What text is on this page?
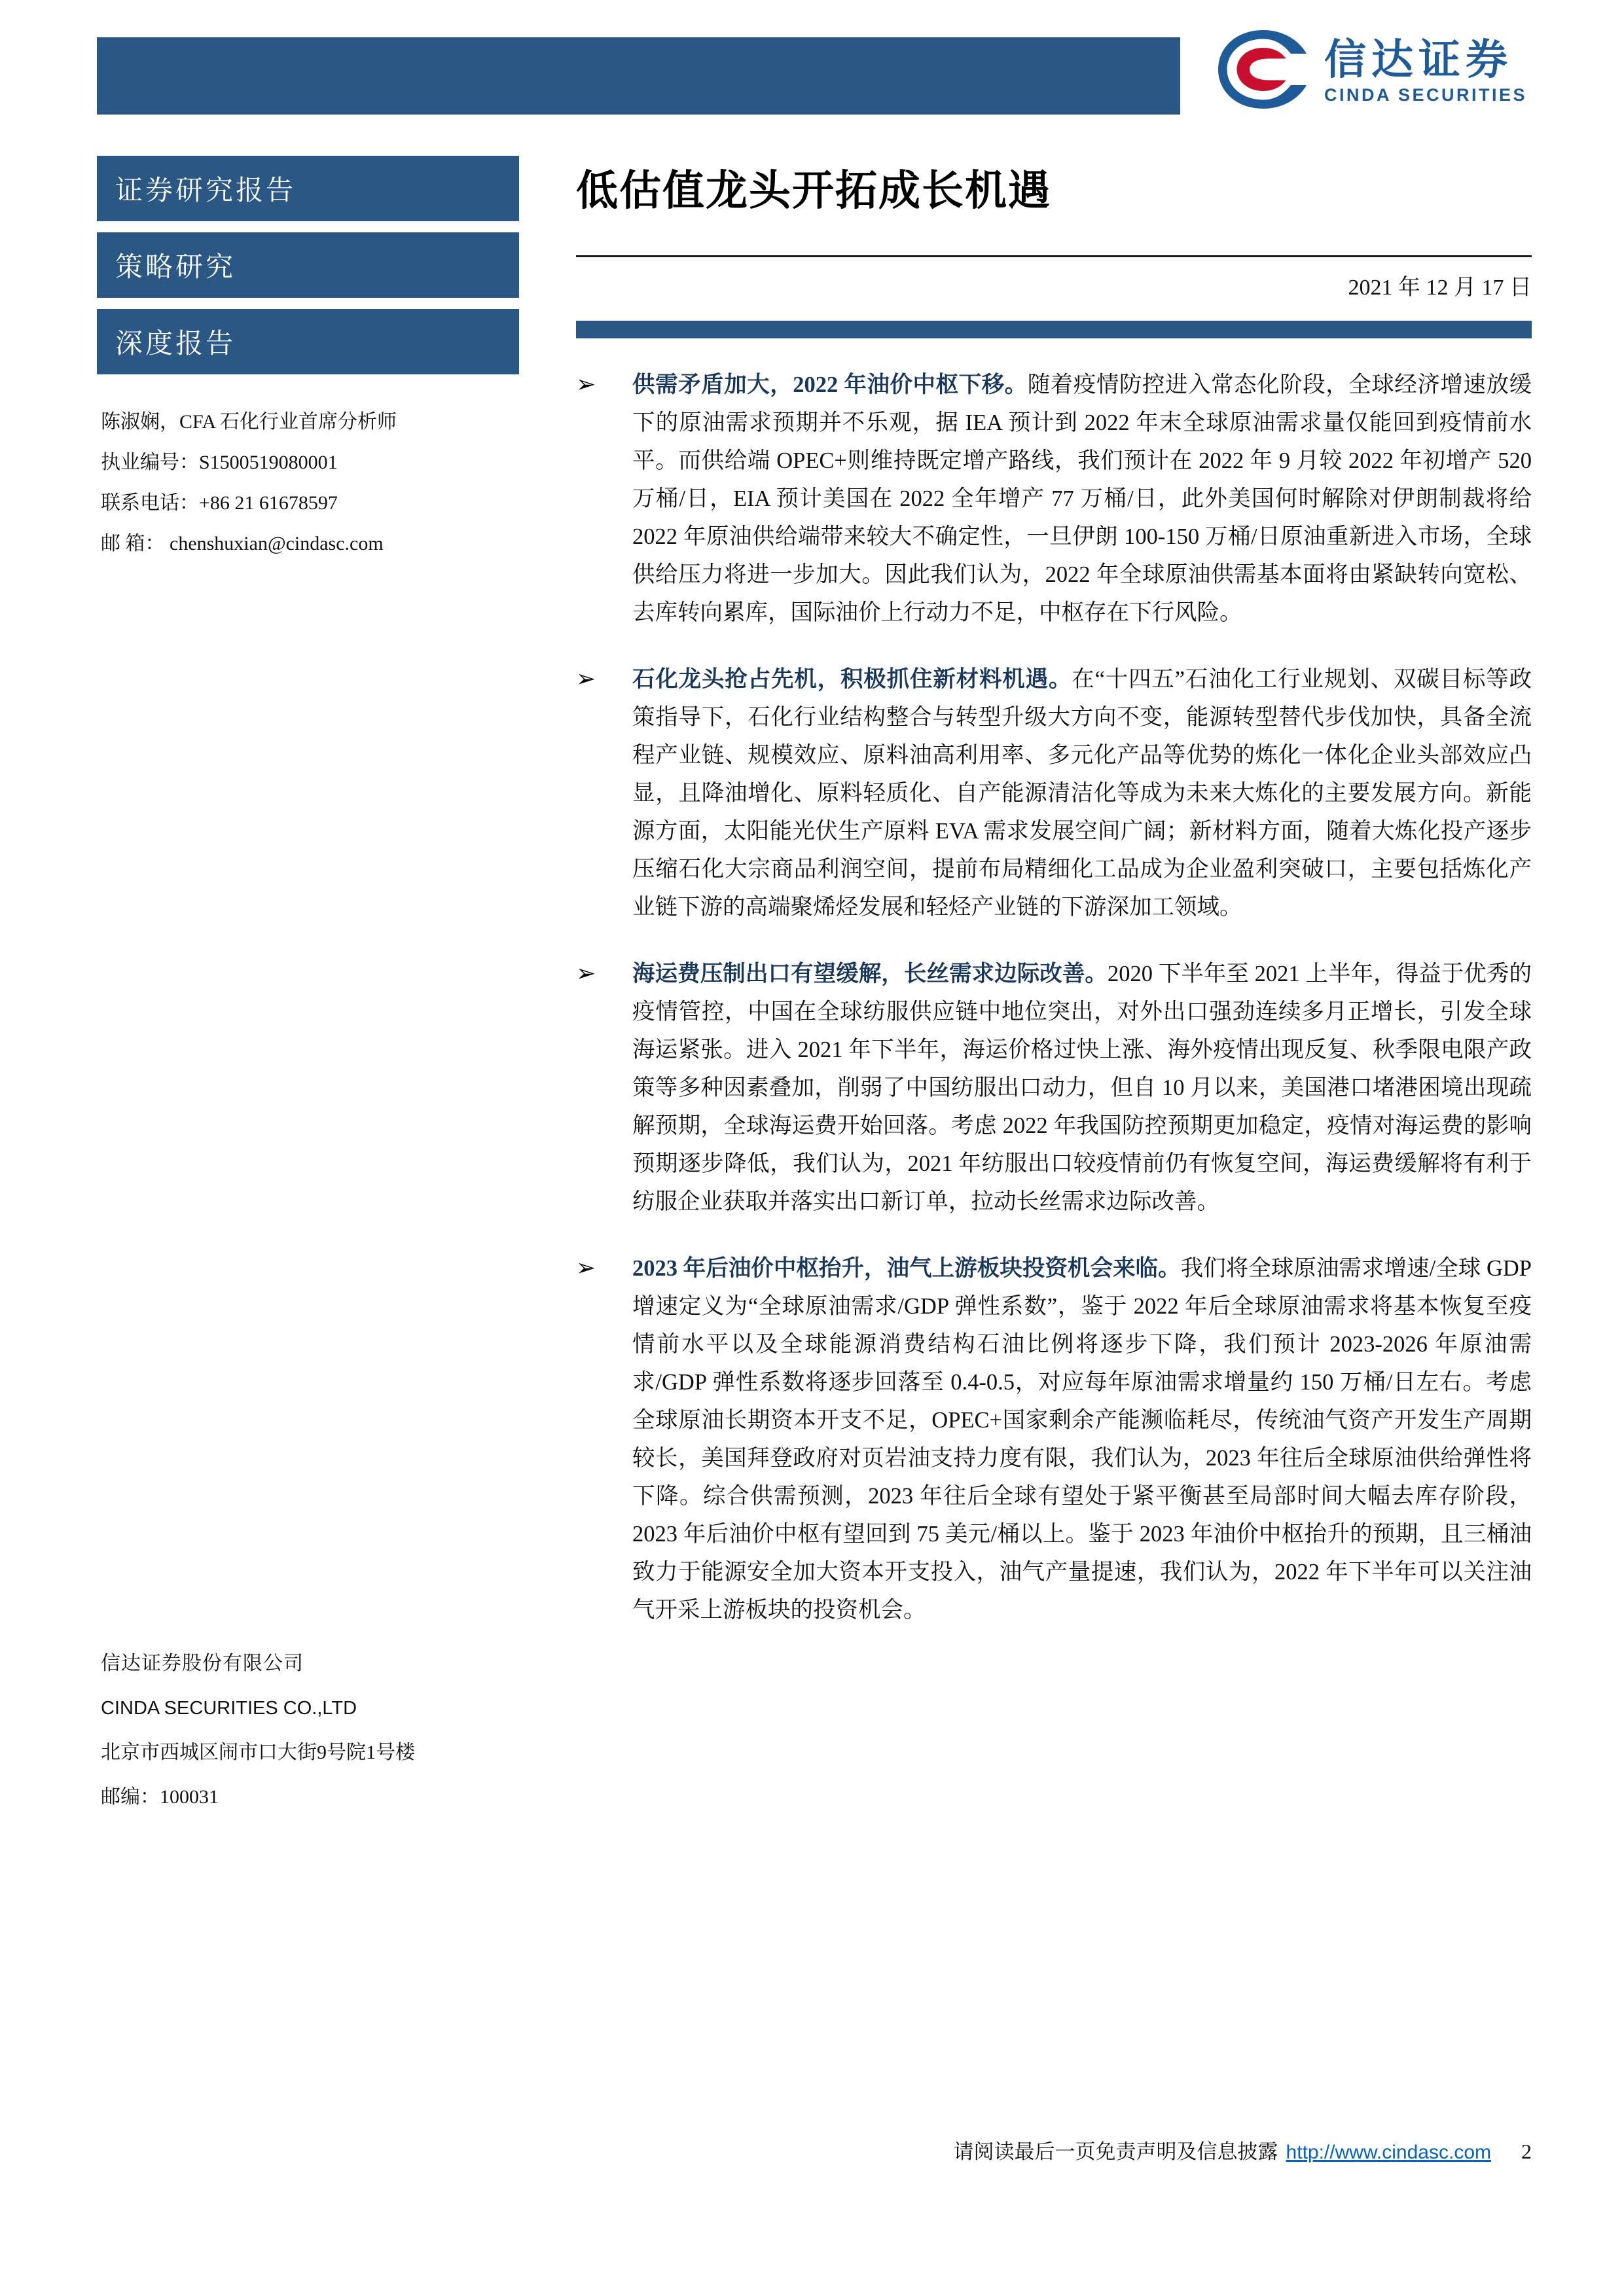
信达证券
CINDA SECURITIES
证券研究报告
策略研究
深度报告
陈淑娴，CFA 石化行业首席分析师
执业编号：S1500519080001
联系电话：+86 21 61678597
邮 箱： chenshuxian@cindasc.com
信达证券股份有限公司
CINDA SECURITIES CO.,LTD
北京市西城区闹市口大街9号院1号楼
邮编：100031
低估值龙头开拓成长机遇
2021 年 12 月 17 日
➢	供需矛盾加大，2022 年油价中枢下移。随着疫情防控进入常态化阶段，全球经济增速放缓下的原油需求预期并不乐观，据 IEA 预计到 2022 年末全球原油需求量仅能回到疫情前水平。而供给端 OPEC+则维持既定增产路线，我们预计在 2022 年 9 月较 2022 年初增产 520 万桶/日，EIA 预计美国在 2022 全年增产 77 万桶/日，此外美国何时解除对伊朗制裁将给 2022 年原油供给端带来较大不确定性，一旦伊朗 100-150 万桶/日原油重新进入市场，全球供给压力将进一步加大。因此我们认为，2022 年全球原油供需基本面将由紧缺转向宽松、去库转向累库，国际油价上行动力不足，中枢存在下行风险。
➢	石化龙头抢占先机，积极抓住新材料机遇。在“十四五”石油化工行业规划、双碳目标等政策指导下，石化行业结构整合与转型升级大方向不变，能源转型替代步伐加快，具备全流程产业链、规模效应、原料油高利用率、多元化产品等优势的炼化一体化企业头部效应凸显，且降油增化、原料轻质化、自产能源清洁化等成为未来大炼化的主要发展方向。新能源方面，太阳能光伏生产原料 EVA 需求发展空间广阔；新材料方面，随着大炼化投产逐步压缩石化大宗商品利润空间，提前布局精细化工品成为企业盈利突破口，主要包括炼化产业链下游的高端聚烯烃发展和轻烃产业链的下游深加工领域。
➢	海运费压制出口有望缓解，长丝需求边际改善。2020 下半年至 2021 上半年，得益于优秀的疫情管控，中国在全球纺服供应链中地位突出，对外出口强劲连续多月正增长，引发全球海运紧张。进入 2021 年下半年，海运价格过快上涨、海外疫情出现反复、秋季限电限产政策等多种因素叠加，削弱了中国纺服出口动力，但自 10 月以来，美国港口堵港困境出现疏解预期，全球海运费开始回落。考虑 2022 年我国防控预期更加稳定，疫情对海运费的影响预期逐步降低，我们认为，2021 年纺服出口较疫情前仍有恢复空间，海运费缓解将有利于纺服企业获取并落实出口新订单，拉动长丝需求边际改善。
➢	2023 年后油价中枢抬升，油气上游板块投资机会来临。我们将全球原油需求增速/全球 GDP 增速定义为“全球原油需求/GDP 弹性系数”，鉴于 2022 年后全球原油需求将基本恢复至疫情前水平以及全球能源消费结构石油比例将逐步下降，我们预计 2023-2026 年原油需求/GDP 弹性系数将逐步回落至 0.4-0.5，对应每年原油需求增量约 150 万桶/日左右。考虑全球原油长期资本开支不足，OPEC+国家剩余产能濒临耗尽，传统油气资产开发生产周期较长，美国拜登政府对页岩油支持力度有限，我们认为，2023 年往后全球原油供给弹性将下降。综合供需预测，2023 年往后全球有望处于紧平衡甚至局部时间大幅去库存阶段，2023 年后油价中枢有望回到 75 美元/桶以上。鉴于 2023 年油价中枢抬升的预期，且三桶油致力于能源安全加大资本开支投入，油气产量提速，我们认为，2022 年下半年可以关注油气开采上游板块的投资机会。
请阅读最后一页免责声明及信息披露 http://www.cindasc.com 2
